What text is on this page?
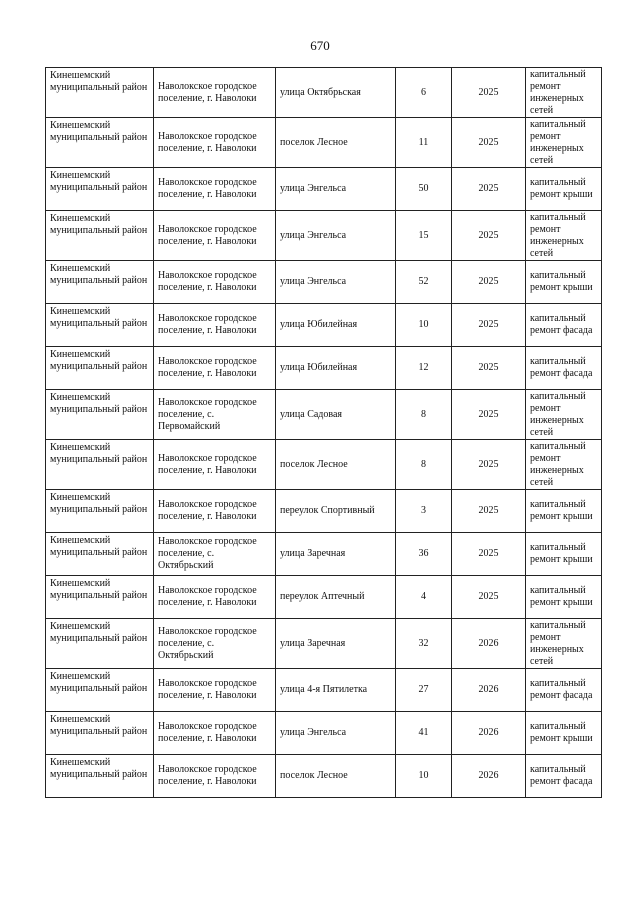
670
Кинешемский муниципальный район	Наволокское городское поселение, г. Наволоки	улица Октябрьская	6	2025	капитальный ремонт инженерных сетей
Кинешемский муниципальный район	Наволокское городское поселение, г. Наволоки	поселок Лесное	11	2025	капитальный ремонт инженерных сетей
Кинешемский муниципальный район	Наволокское городское поселение, г. Наволоки	улица Энгельса	50	2025	капитальный ремонт крыши
Кинешемский муниципальный район	Наволокское городское поселение, г. Наволоки	улица Энгельса	15	2025	капитальный ремонт инженерных сетей
Кинешемский муниципальный район	Наволокское городское поселение, г. Наволоки	улица Энгельса	52	2025	капитальный ремонт крыши
Кинешемский муниципальный район	Наволокское городское поселение, г. Наволоки	улица Юбилейная	10	2025	капитальный ремонт фасада
Кинешемский муниципальный район	Наволокское городское поселение, г. Наволоки	улица Юбилейная	12	2025	капитальный ремонт фасада
Кинешемский муниципальный район	Наволокское городское поселение, с. Первомайский	улица Садовая	8	2025	капитальный ремонт инженерных сетей
Кинешемский муниципальный район	Наволокское городское поселение, г. Наволоки	поселок Лесное	8	2025	капитальный ремонт инженерных сетей
Кинешемский муниципальный район	Наволокское городское поселение, г. Наволоки	переулок Спортивный	3	2025	капитальный ремонт крыши
Кинешемский муниципальный район	Наволокское городское поселение, с. Октябрьский	улица Заречная	36	2025	капитальный ремонт крыши
Кинешемский муниципальный район	Наволокское городское поселение, г. Наволоки	переулок Аптечный	4	2025	капитальный ремонт крыши
Кинешемский муниципальный район	Наволокское городское поселение, с. Октябрьский	улица Заречная	32	2026	капитальный ремонт инженерных сетей
Кинешемский муниципальный район	Наволокское городское поселение, г. Наволоки	улица 4-я Пятилетка	27	2026	капитальный ремонт фасада
Кинешемский муниципальный район	Наволокское городское поселение, г. Наволоки	улица Энгельса	41	2026	капитальный ремонт крыши
Кинешемский муниципальный район	Наволокское городское поселение, г. Наволоки	поселок Лесное	10	2026	капитальный ремонт фасада
